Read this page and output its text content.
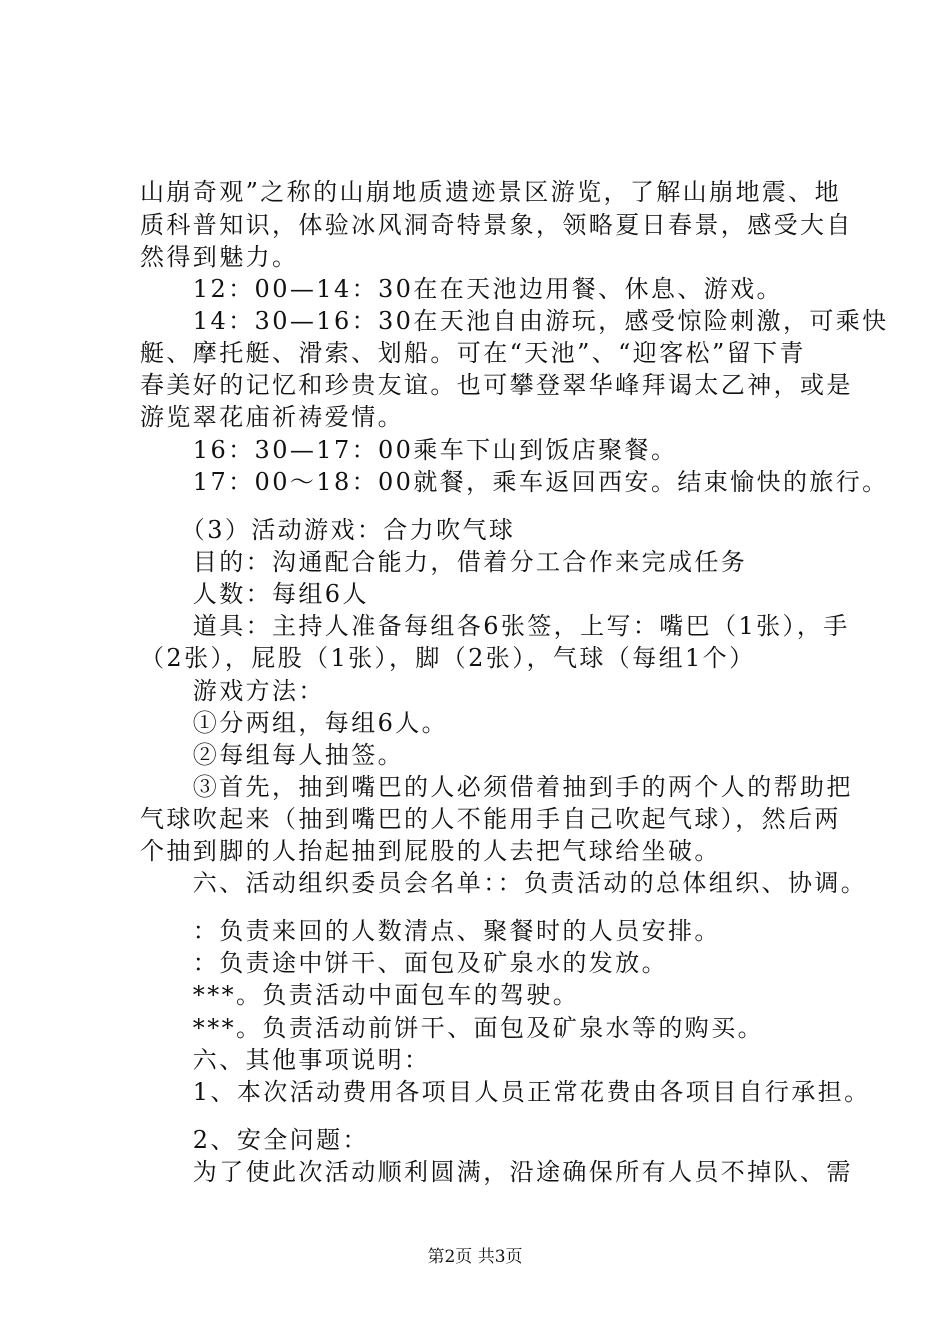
山崩奇观”之称的山崩地质遗迹景区游览，了解山崩地震、地
质科普知识，体验冰风洞奇特景象，领略夏日春景，感受大自
然得到魅力。
　　12：00—14：30在在天池边用餐、休息、游戏。
　　14：30—16：30在天池自由游玩，感受惊险刺激，可乘快
艇、摩托艇、滑索、划船。可在“天池”、“迎客松”留下青
春美好的记忆和珍贵友谊。也可攀登翠华峰拜谒太乙神，或是
游览翠花庙祈祷爱情。
　　16：30—17：00乘车下山到饭店聚餐。
　　17：00～18：00就餐，乘车返回西安。结束愉快的旅行。
　　（3）活动游戏：合力吹气球
　　目的：沟通配合能力，借着分工合作来完成任务
　　人数：每组6人
　　道具：主持人准备每组各6张签，上写：嘴巴（1张），手
（2张），屁股（1张），脚（2张），气球（每组1个）
　　游戏方法：
　　①分两组，每组6人。
　　②每组每人抽签。
　　③首先，抽到嘴巴的人必须借着抽到手的两个人的帮助把
气球吹起来（抽到嘴巴的人不能用手自己吹起气球），然后两
个抽到脚的人抬起抽到屁股的人去把气球给坐破。
　　六、活动组织委员会名单：：负责活动的总体组织、协调。
　　：负责来回的人数清点、聚餐时的人员安排。
　　：负责途中饼干、面包及矿泉水的发放。
　　***。负责活动中面包车的驾驶。
　　***。负责活动前饼干、面包及矿泉水等的购买。
　　六、其他事项说明：
　　1、本次活动费用各项目人员正常花费由各项目自行承担。
　　2、安全问题：
　　为了使此次活动顺利圆满，沿途确保所有人员不掉队、需
第2页 共3页
